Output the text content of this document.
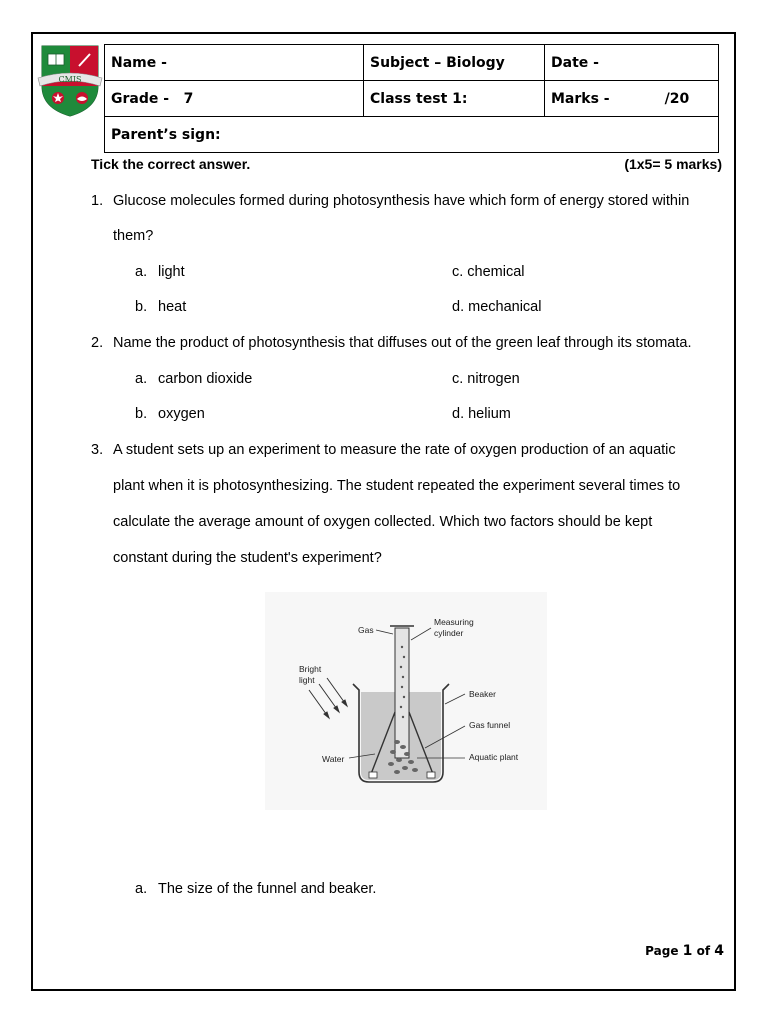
CMIS
Name -	Subject – Biology	Date -
Grade - 7	Class test 1:	Marks - /20
Parent’s sign:		
Tick the correct answer.	(1x5= 5 marks)
1. Glucose molecules formed during photosynthesis have which form of energy stored within
them?
a. light	c. chemical
b. heat	d. mechanical
2. Name the product of photosynthesis that diffuses out of the green leaf through its stomata.
a. carbon dioxide	c. nitrogen
b. oxygen	d. helium
3. A student sets up an experiment to measure the rate of oxygen production of an aquatic
plant when it is photosynthesizing. The student repeated the experiment several times to
calculate the average amount of oxygen collected. Which two factors should be kept
constant during the student's experiment?
a. The size of the funnel and beaker.
Gas
Measuring
cylinder
Bright
light
Beaker
Gas funnel
Water	Aquatic plant
Page 1 of 4
